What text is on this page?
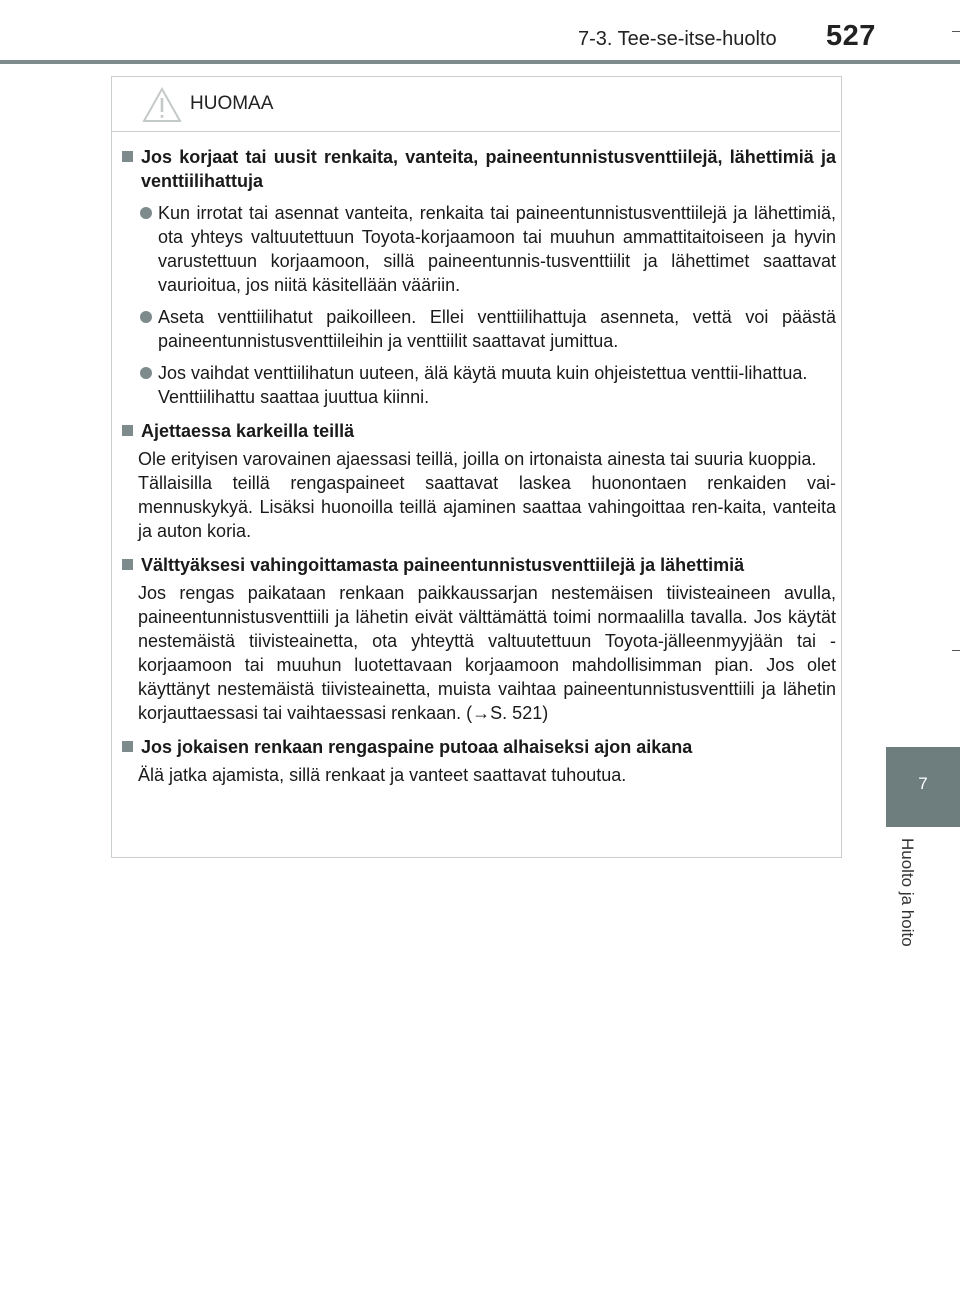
7-3. Tee-se-itse-huolto 527
7
Huolto ja hoito
HUOMAA
Jos korjaat tai uusit renkaita, vanteita, paineentunnistusventtiilejä, lähettimiä ja venttiilihattuja
Kun irrotat tai asennat vanteita, renkaita tai paineentunnistusventtiilejä ja lähettimiä, ota yhteys valtuutettuun Toyota-korjaamoon tai muuhun ammattitaitoiseen ja hyvin varustettuun korjaamoon, sillä paineentunnis-tusventtiilit ja lähettimet saattavat vaurioitua, jos niitä käsitellään vääriin.
Aseta venttiilihatut paikoilleen. Ellei venttiilihattuja asenneta, vettä voi päästä paineentunnistusventtiileihin ja venttiilit saattavat jumittua.
Jos vaihdat venttiilihatun uuteen, älä käytä muuta kuin ohjeistettua venttii-lihattua.
Venttiilihattu saattaa juuttua kiinni.
Ajettaessa karkeilla teillä
Ole erityisen varovainen ajaessasi teillä, joilla on irtonaista ainesta tai suuria kuoppia.
Tällaisilla teillä rengaspaineet saattavat laskea huonontaen renkaiden vai-mennuskykyä. Lisäksi huonoilla teillä ajaminen saattaa vahingoittaa ren-kaita, vanteita ja auton koria.
Välttyäksesi vahingoittamasta paineentunnistusventtiilejä ja lähettimiä
Jos rengas paikataan renkaan paikkaussarjan nestemäisen tiivisteaineen avulla, paineentunnistusventtiili ja lähetin eivät välttämättä toimi normaalilla tavalla. Jos käytät nestemäistä tiivisteainetta, ota yhteyttä valtuutettuun Toyota-jälleenmyyjään tai -korjaamoon tai muuhun luotettavaan korjaamoon mahdollisimman pian. Jos olet käyttänyt nestemäistä tiivisteainetta, muista vaihtaa paineentunnistusventtiili ja lähetin korjauttaessasi tai vaihtaessasi renkaan. (→S. 521)
Jos jokaisen renkaan rengaspaine putoaa alhaiseksi ajon aikana
Älä jatka ajamista, sillä renkaat ja vanteet saattavat tuhoutua.
